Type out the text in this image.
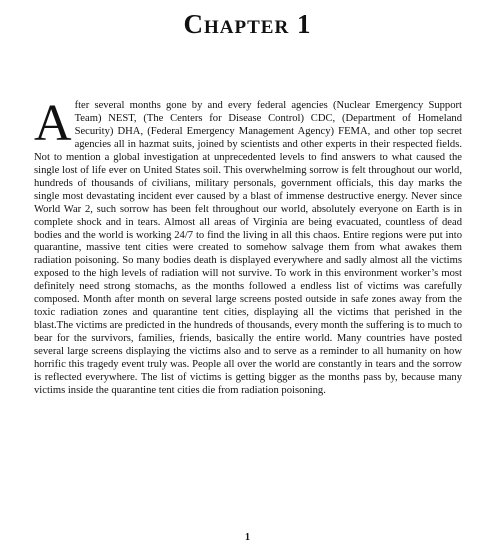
Chapter 1

After several months gone by and every federal agencies (Nuclear Emergency Support Team) NEST, (The Centers for Disease Control) CDC, (Department of Homeland Security) DHA, (Federal Emergency Management Agency) FEMA, and other top secret agencies all in hazmat suits, joined by scientists and other experts in their respected fields. Not to mention a global investigation at unprecedented levels to find answers to what caused the single lost of life ever on United States soil. This overwhelming sorrow is felt throughout our world, hundreds of thousands of civilians, military personals, government officials, this day marks the single most devastating incident ever caused by a blast of immense destructive energy. Never since World War 2, such sorrow has been felt throughout our world, absolutely everyone on Earth is in complete shock and in tears. Almost all areas of Virginia are being evacuated, countless of dead bodies and the world is working 24/7 to find the living in all this chaos. Entire regions were put into quarantine, massive tent cities were created to somehow salvage them from what awakes them radiation poisoning. So many bodies death is displayed everywhere and sadly almost all the victims exposed to the high levels of radiation will not survive. To work in this environment worker’s most definitely need strong stomachs, as the months followed a endless list of victims was carefully composed. Month after month on several large screens posted outside in safe zones away from the toxic radiation zones and quarantine tent cities, displaying all the victims that perished in the blast.The victims are predicted in the hundreds of thousands, every month the suffering is to much to bear for the survivors, families, friends, basically the entire world. Many countries have posted several large screens displaying the victims also and to serve as a reminder to all humanity on how horrific this tragedy event truly was. People all over the world are constantly in tears and the sorrow is reflected everywhere. The list of victims is getting bigger as the months pass by, because many victims inside the quarantine tent cities die from radiation poisoning.

1
